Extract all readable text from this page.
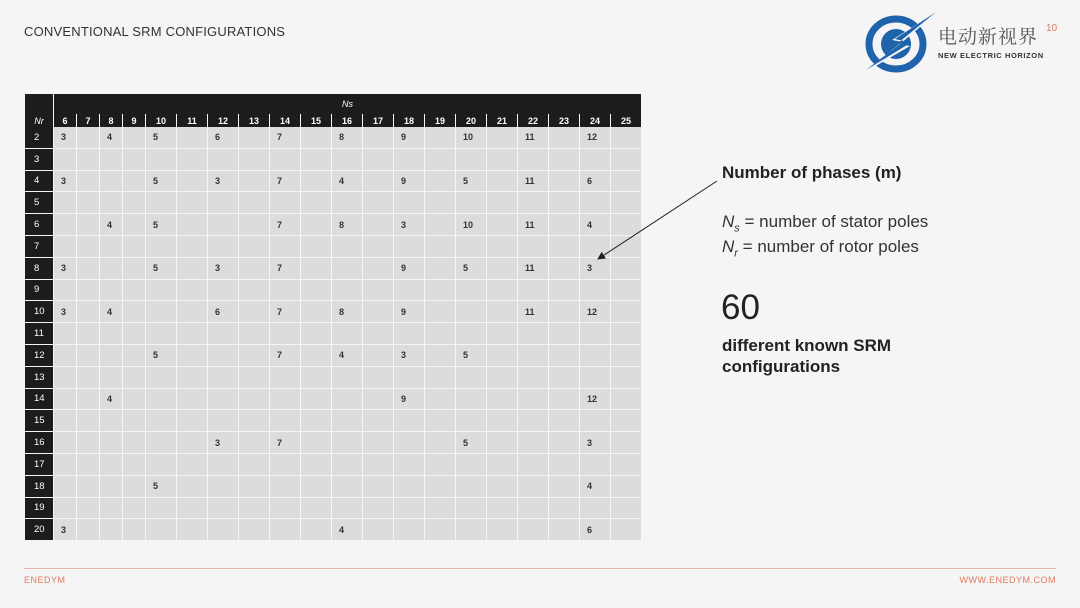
CONVENTIONAL SRM CONFIGURATIONS	电动新视界
NEW ELECTRIC HORIZON
10
	Ns																			
Nr	6	7	8	9	10	11	12	13	14	15	16	17	18	19	20	21	22	23	24	25
2	3		4		5		6		7		8		9		10		11		12	
3																				
4	3				5		3		7		4		9		5		11		6	
5																				
6			4		5				7		8		3		10		11		4	
7																				
8	3				5		3		7				9		5		11		3	
9																				
10	3		4				6		7		8		9				11		12	
11																				
12					5				7		4		3		5					
13																				
14			4										9						12	
15																				
16							3		7						5				3	
17																				
18					5														4	
19																				
20	3										4								6	
Number of phases (m)
$N_s$ = number of stator poles
$N_r$ = number of rotor poles
60
different known SRM configurations
ENEDYM	WWW.ENEDYM.COM
